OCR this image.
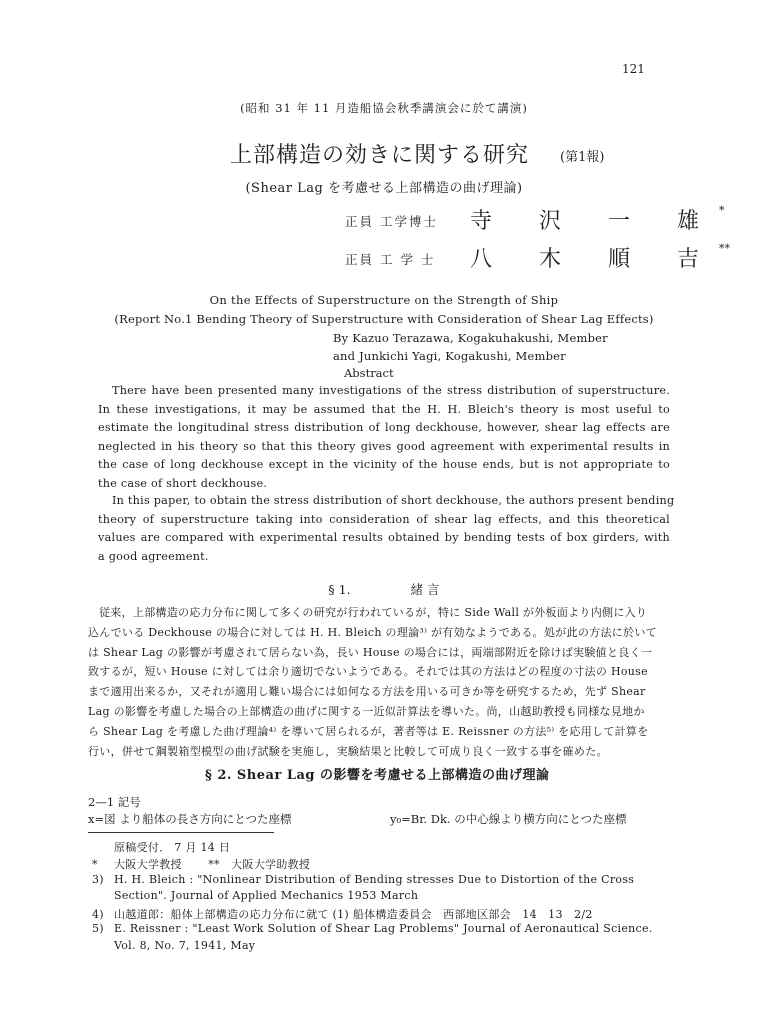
121
(昭和 31 年 11 月造船協会秋季講演会に於て講演)
上部構造の効きに関する研究 (第1報)
(Shear Lag を考慮せる上部構造の曲げ理論)
正員 工学博士 寺 沢 一 雄*
正員 工 学 士 八 木 順 吉**
On the Effects of Superstructure on the Strength of Ship
(Report No.1 Bending Theory of Superstructure with Consideration of Shear Lag Effects)
By Kazuo Terazawa, Kogakuhakushi, Member
and Junkichi Yagi, Kogakushi, Member
Abstract
There have been presented many investigations of the stress distribution of superstructure.
In these investigations, it may be assumed that the H. H. Bleich's theory is most useful to
estimate the longitudinal stress distribution of long deckhouse, however, shear lag effects are
neglected in his theory so that this theory gives good agreement with experimental results in
the case of long deckhouse except in the vicinity of the house ends, but is not appropriate to
the case of short deckhouse.
In this paper, to obtain the stress distribution of short deckhouse, the authors present bending
theory of superstructure taking into consideration of shear lag effects, and this theoretical
values are compared with experimental results obtained by bending tests of box girders, with
a good agreement.
§ 1.	緒 言
従来，上部構造の応力分布に関して多くの研究が行われているが，特に Side Wall が外板面より内側に入り
込んでいる Deckhouse の場合に対しては H. H. Bleich の理論³⁾ が有効なようである。処が此の方法に於いて
は Shear Lag の影響が考慮されて居らない為，長い House の場合には，両端部附近を除けば実験値と良く一
致するが，短い House に対しては余り適切でないようである。それでは其の方法はどの程度の寸法の House
まで適用出来るか，又それが適用し難い場合には如何なる方法を用いる可きか等を研究するため，先ず Shear
Lag の影響を考慮した場合の上部構造の曲げに関する一近似計算法を導いた。尚，山越助教授も同様な見地か
ら Shear Lag を考慮した曲げ理論⁴⁾ を導いて居られるが，著者等は E. Reissner の方法⁵⁾ を応用して計算を
行い，併せて鋼製箱型模型の曲げ試験を実施し，実験結果と比較して可成り良く一致する事を確めた。
§ 2. Shear Lag の影響を考慮せる上部構造の曲げ理論
2—1 記号
x=図 より船体の長さ方向にとつた座標	y₀=Br. Dk. の中心線より横方向にとつた座標
原稿受付． 7 月 14 日
* 大阪大学教授　　 **　大阪大学助教授
3) H. H. Bleich : "Nonlinear Distribution of Bending stresses Due to Distortion of the Cross
Section". Journal of Applied Mechanics 1953 March
4) 山越道郎：船体上部構造の応力分布に就て (1) 船体構造委員会　西部地区部会　14　13　2/2
5) E. Reissner : "Least Work Solution of Shear Lag Problems" Journal of Aeronautical Science.
Vol. 8, No. 7, 1941, May
